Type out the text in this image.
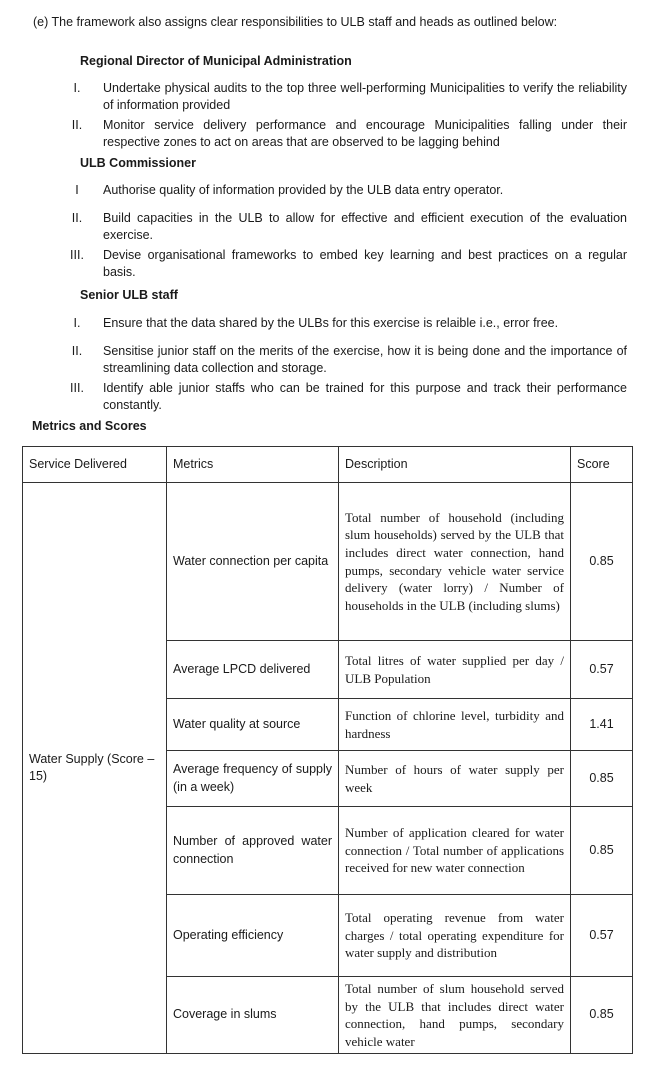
(e) The framework also assigns clear responsibilities to ULB staff and heads as outlined below:
Regional Director of Municipal Administration
I.	Undertake physical audits to the top three well-performing Municipalities to verify the reliability of information provided
II.	Monitor service delivery performance and encourage Municipalities falling under their respective zones to act on areas that are observed to be lagging behind
ULB Commissioner
I	Authorise quality of information provided by the ULB data entry operator.
II.	Build capacities in the ULB to allow for effective and efficient execution of the evaluation exercise.
III.	Devise organisational frameworks to embed key learning and best practices on a regular basis.
Senior ULB staff
I.	Ensure that the data shared by the ULBs for this exercise is relaible i.e., error free.
II.	Sensitise junior staff on the merits of the exercise, how it is being done and the importance of streamlining data collection and storage.
III.	Identify able junior staffs who can be trained for this purpose and track their performance constantly.
Metrics and Scores
Service Delivered	Metrics	Description	Score
Water Supply (Score – 15)	Water connection per capita	Total number of household (including slum households) served by the ULB that includes direct water connection, hand pumps, secondary vehicle water service delivery (water lorry) / Number of households in the ULB (including slums)	0.85
	Average LPCD delivered	Total litres of water supplied per day / ULB Population	0.57
	Water quality at source	Function of chlorine level, turbidity and hardness	1.41
	Average frequency of supply (in a week)	Number of hours of water supply per week	0.85
	Number of approved water connection	Number of application cleared for water connection / Total number of applications received for new water connection	0.85
	Operating efficiency	Total operating revenue from water charges / total operating expenditure for water supply and distribution	0.57
	Coverage in slums	Total number of slum household served by the ULB that includes direct water connection, hand pumps, secondary vehicle water	0.85
